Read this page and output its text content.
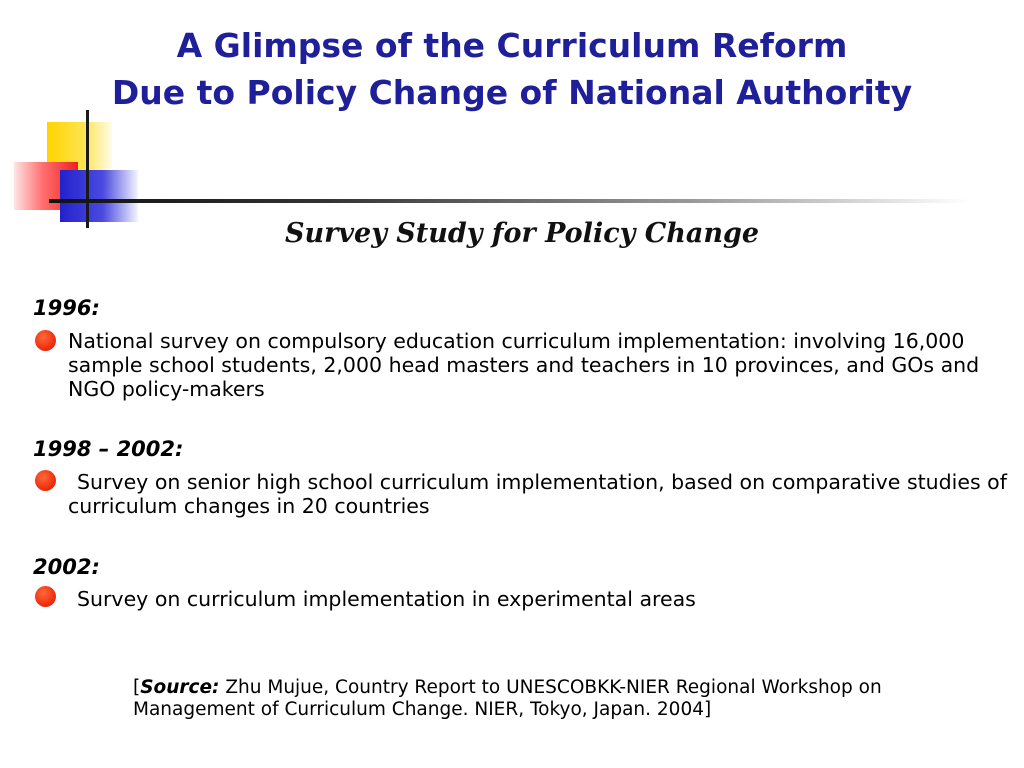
A Glimpse of the Curriculum Reform
Due to Policy Change of National Authority
Survey Study for Policy Change
1996:
National survey on compulsory education curriculum implementation: involving 16,000 sample school students, 2,000 head masters and teachers in 10 provinces, and GOs and NGO policy-makers
1998 – 2002:
Survey on senior high school curriculum implementation, based on comparative studies of curriculum changes in 20 countries
2002:
Survey on curriculum implementation in experimental areas
[Source: Zhu Mujue, Country Report to UNESCOBKK-NIER Regional Workshop on Management of Curriculum Change. NIER, Tokyo, Japan. 2004]
